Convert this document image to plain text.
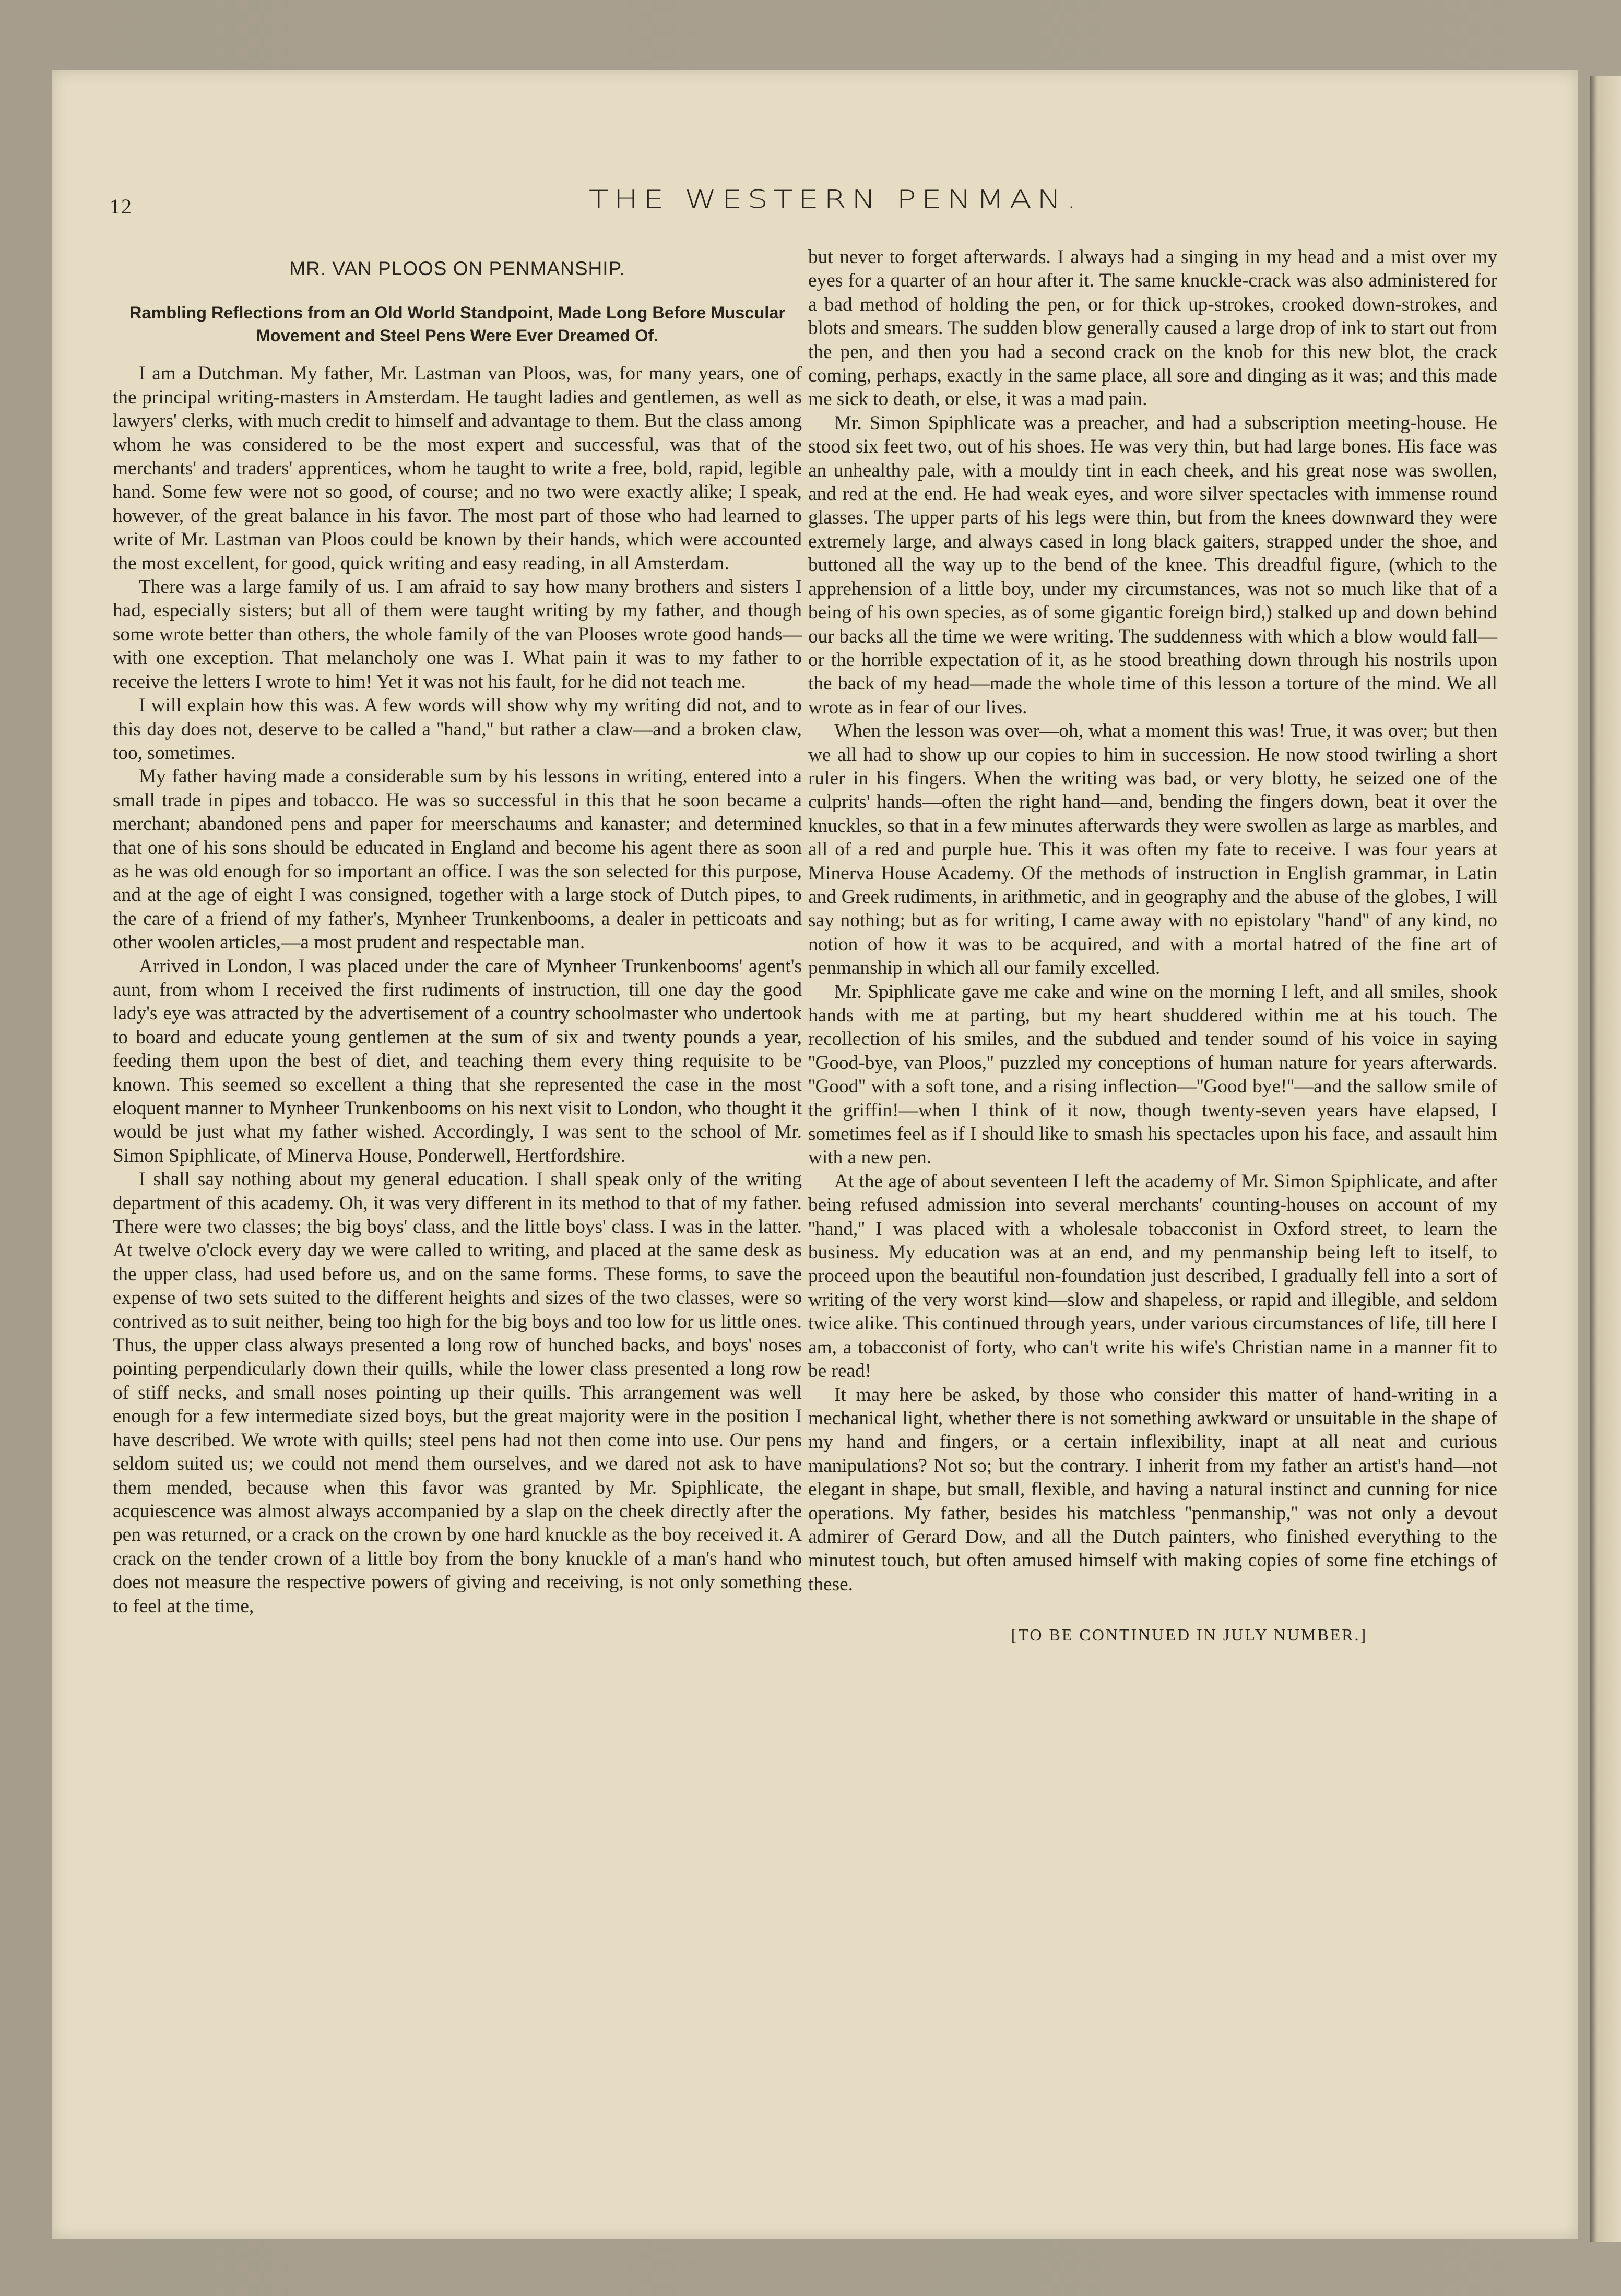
12	THE WESTERN PENMAN.
MR. VAN PLOOS ON PENMANSHIP.
Rambling Reflections from an Old World Standpoint, Made Long Before Muscular Movement and Steel Pens Were Ever Dreamed Of.

I am a Dutchman. My father, Mr. Lastman van Ploos, was, for many years, one of the principal writing-masters in Amsterdam. He taught ladies and gentlemen, as well as lawyers' clerks, with much credit to himself and advantage to them. But the class among whom he was considered to be the most expert and successful, was that of the merchants' and traders' apprentices, whom he taught to write a free, bold, rapid, legible hand. Some few were not so good, of course; and no two were exactly alike; I speak, however, of the great balance in his favor. The most part of those who had learned to write of Mr. Lastman van Ploos could be known by their hands, which were accounted the most excellent, for good, quick writing and easy reading, in all Amsterdam.

There was a large family of us. I am afraid to say how many brothers and sisters I had, especially sisters; but all of them were taught writing by my father, and though some wrote better than others, the whole family of the van Plooses wrote good hands—with one exception. That melancholy one was I. What pain it was to my father to receive the letters I wrote to him! Yet it was not his fault, for he did not teach me.

I will explain how this was. A few words will show why my writing did not, and to this day does not, deserve to be called a ''hand,'' but rather a claw—and a broken claw, too, sometimes.

My father having made a considerable sum by his lessons in writing, entered into a small trade in pipes and tobacco. He was so successful in this that he soon became a merchant; abandoned pens and paper for meerschaums and kanaster; and determined that one of his sons should be educated in England and become his agent there as soon as he was old enough for so important an office. I was the son selected for this purpose, and at the age of eight I was consigned, together with a large stock of Dutch pipes, to the care of a friend of my father's, Mynheer Trunkenbooms, a dealer in petticoats and other woolen articles,—a most prudent and respectable man.

Arrived in London, I was placed under the care of Mynheer Trunkenbooms' agent's aunt, from whom I received the first rudiments of instruction, till one day the good lady's eye was attracted by the advertisement of a country schoolmaster who undertook to board and educate young gentlemen at the sum of six and twenty pounds a year, feeding them upon the best of diet, and teaching them every thing requisite to be known. This seemed so excellent a thing that she represented the case in the most eloquent manner to Mynheer Trunkenbooms on his next visit to London, who thought it would be just what my father wished. Accordingly, I was sent to the school of Mr. Simon Spiphlicate, of Minerva House, Ponderwell, Hertfordshire.

I shall say nothing about my general education. I shall speak only of the writing department of this academy. Oh, it was very different in its method to that of my father. There were two classes; the big boys' class, and the little boys' class. I was in the latter. At twelve o'clock every day we were called to writing, and placed at the same desk as the upper class, had used before us, and on the same forms. These forms, to save the expense of two sets suited to the different heights and sizes of the two classes, were so contrived as to suit neither, being too high for the big boys and too low for us little ones. Thus, the upper class always presented a long row of hunched backs, and boys' noses pointing perpendicularly down their quills, while the lower class presented a long row of stiff necks, and small noses pointing up their quills. This arrangement was well enough for a few intermediate sized boys, but the great majority were in the position I have described. We wrote with quills; steel pens had not then come into use. Our pens seldom suited us; we could not mend them ourselves, and we dared not ask to have them mended, because when this favor was granted by Mr. Spiphlicate, the acquiescence was almost always accompanied by a slap on the cheek directly after the pen was returned, or a crack on the crown by one hard knuckle as the boy received it. A crack on the tender crown of a little boy from the bony knuckle of a man's hand who does not measure the respective powers of giving and receiving, is not only something to feel at the time,

but never to forget afterwards. I always had a singing in my head and a mist over my eyes for a quarter of an hour after it. The same knuckle-crack was also administered for a bad method of holding the pen, or for thick up-strokes, crooked down-strokes, and blots and smears. The sudden blow generally caused a large drop of ink to start out from the pen, and then you had a second crack on the knob for this new blot, the crack coming, perhaps, exactly in the same place, all sore and dinging as it was; and this made me sick to death, or else, it was a mad pain.

Mr. Simon Spiphlicate was a preacher, and had a subscription meeting-house. He stood six feet two, out of his shoes. He was very thin, but had large bones. His face was an unhealthy pale, with a mouldy tint in each cheek, and his great nose was swollen, and red at the end. He had weak eyes, and wore silver spectacles with immense round glasses. The upper parts of his legs were thin, but from the knees downward they were extremely large, and always cased in long black gaiters, strapped under the shoe, and buttoned all the way up to the bend of the knee. This dreadful figure, (which to the apprehension of a little boy, under my circumstances, was not so much like that of a being of his own species, as of some gigantic foreign bird,) stalked up and down behind our backs all the time we were writing. The suddenness with which a blow would fall—or the horrible expectation of it, as he stood breathing down through his nostrils upon the back of my head—made the whole time of this lesson a torture of the mind. We all wrote as in fear of our lives.

When the lesson was over—oh, what a moment this was! True, it was over; but then we all had to show up our copies to him in succession. He now stood twirling a short ruler in his fingers. When the writing was bad, or very blotty, he seized one of the culprits' hands—often the right hand—and, bending the fingers down, beat it over the knuckles, so that in a few minutes afterwards they were swollen as large as marbles, and all of a red and purple hue. This it was often my fate to receive. I was four years at Minerva House Academy. Of the methods of instruction in English grammar, in Latin and Greek rudiments, in arithmetic, and in geography and the abuse of the globes, I will say nothing; but as for writing, I came away with no epistolary ''hand'' of any kind, no notion of how it was to be acquired, and with a mortal hatred of the fine art of penmanship in which all our family excelled.

Mr. Spiphlicate gave me cake and wine on the morning I left, and all smiles, shook hands with me at parting, but my heart shuddered within me at his touch. The recollection of his smiles, and the subdued and tender sound of his voice in saying ''Good-bye, van Ploos,'' puzzled my conceptions of human nature for years afterwards. ''Good'' with a soft tone, and a rising inflection—''Good bye!''—and the sallow smile of the griffin!—when I think of it now, though twenty-seven years have elapsed, I sometimes feel as if I should like to smash his spectacles upon his face, and assault him with a new pen.

At the age of about seventeen I left the academy of Mr. Simon Spiphlicate, and after being refused admission into several merchants' counting-houses on account of my ''hand,'' I was placed with a wholesale tobacconist in Oxford street, to learn the business. My education was at an end, and my penmanship being left to itself, to proceed upon the beautiful non-foundation just described, I gradually fell into a sort of writing of the very worst kind—slow and shapeless, or rapid and illegible, and seldom twice alike. This continued through years, under various circumstances of life, till here I am, a tobacconist of forty, who can't write his wife's Christian name in a manner fit to be read!

It may here be asked, by those who consider this matter of hand-writing in a mechanical light, whether there is not something awkward or unsuitable in the shape of my hand and fingers, or a certain inflexibility, inapt at all neat and curious manipulations? Not so; but the contrary. I inherit from my father an artist's hand—not elegant in shape, but small, flexible, and having a natural instinct and cunning for nice operations. My father, besides his matchless ''penmanship,'' was not only a devout admirer of Gerard Dow, and all the Dutch painters, who finished everything to the minutest touch, but often amused himself with making copies of some fine etchings of these.

[TO BE CONTINUED IN JULY NUMBER.]
